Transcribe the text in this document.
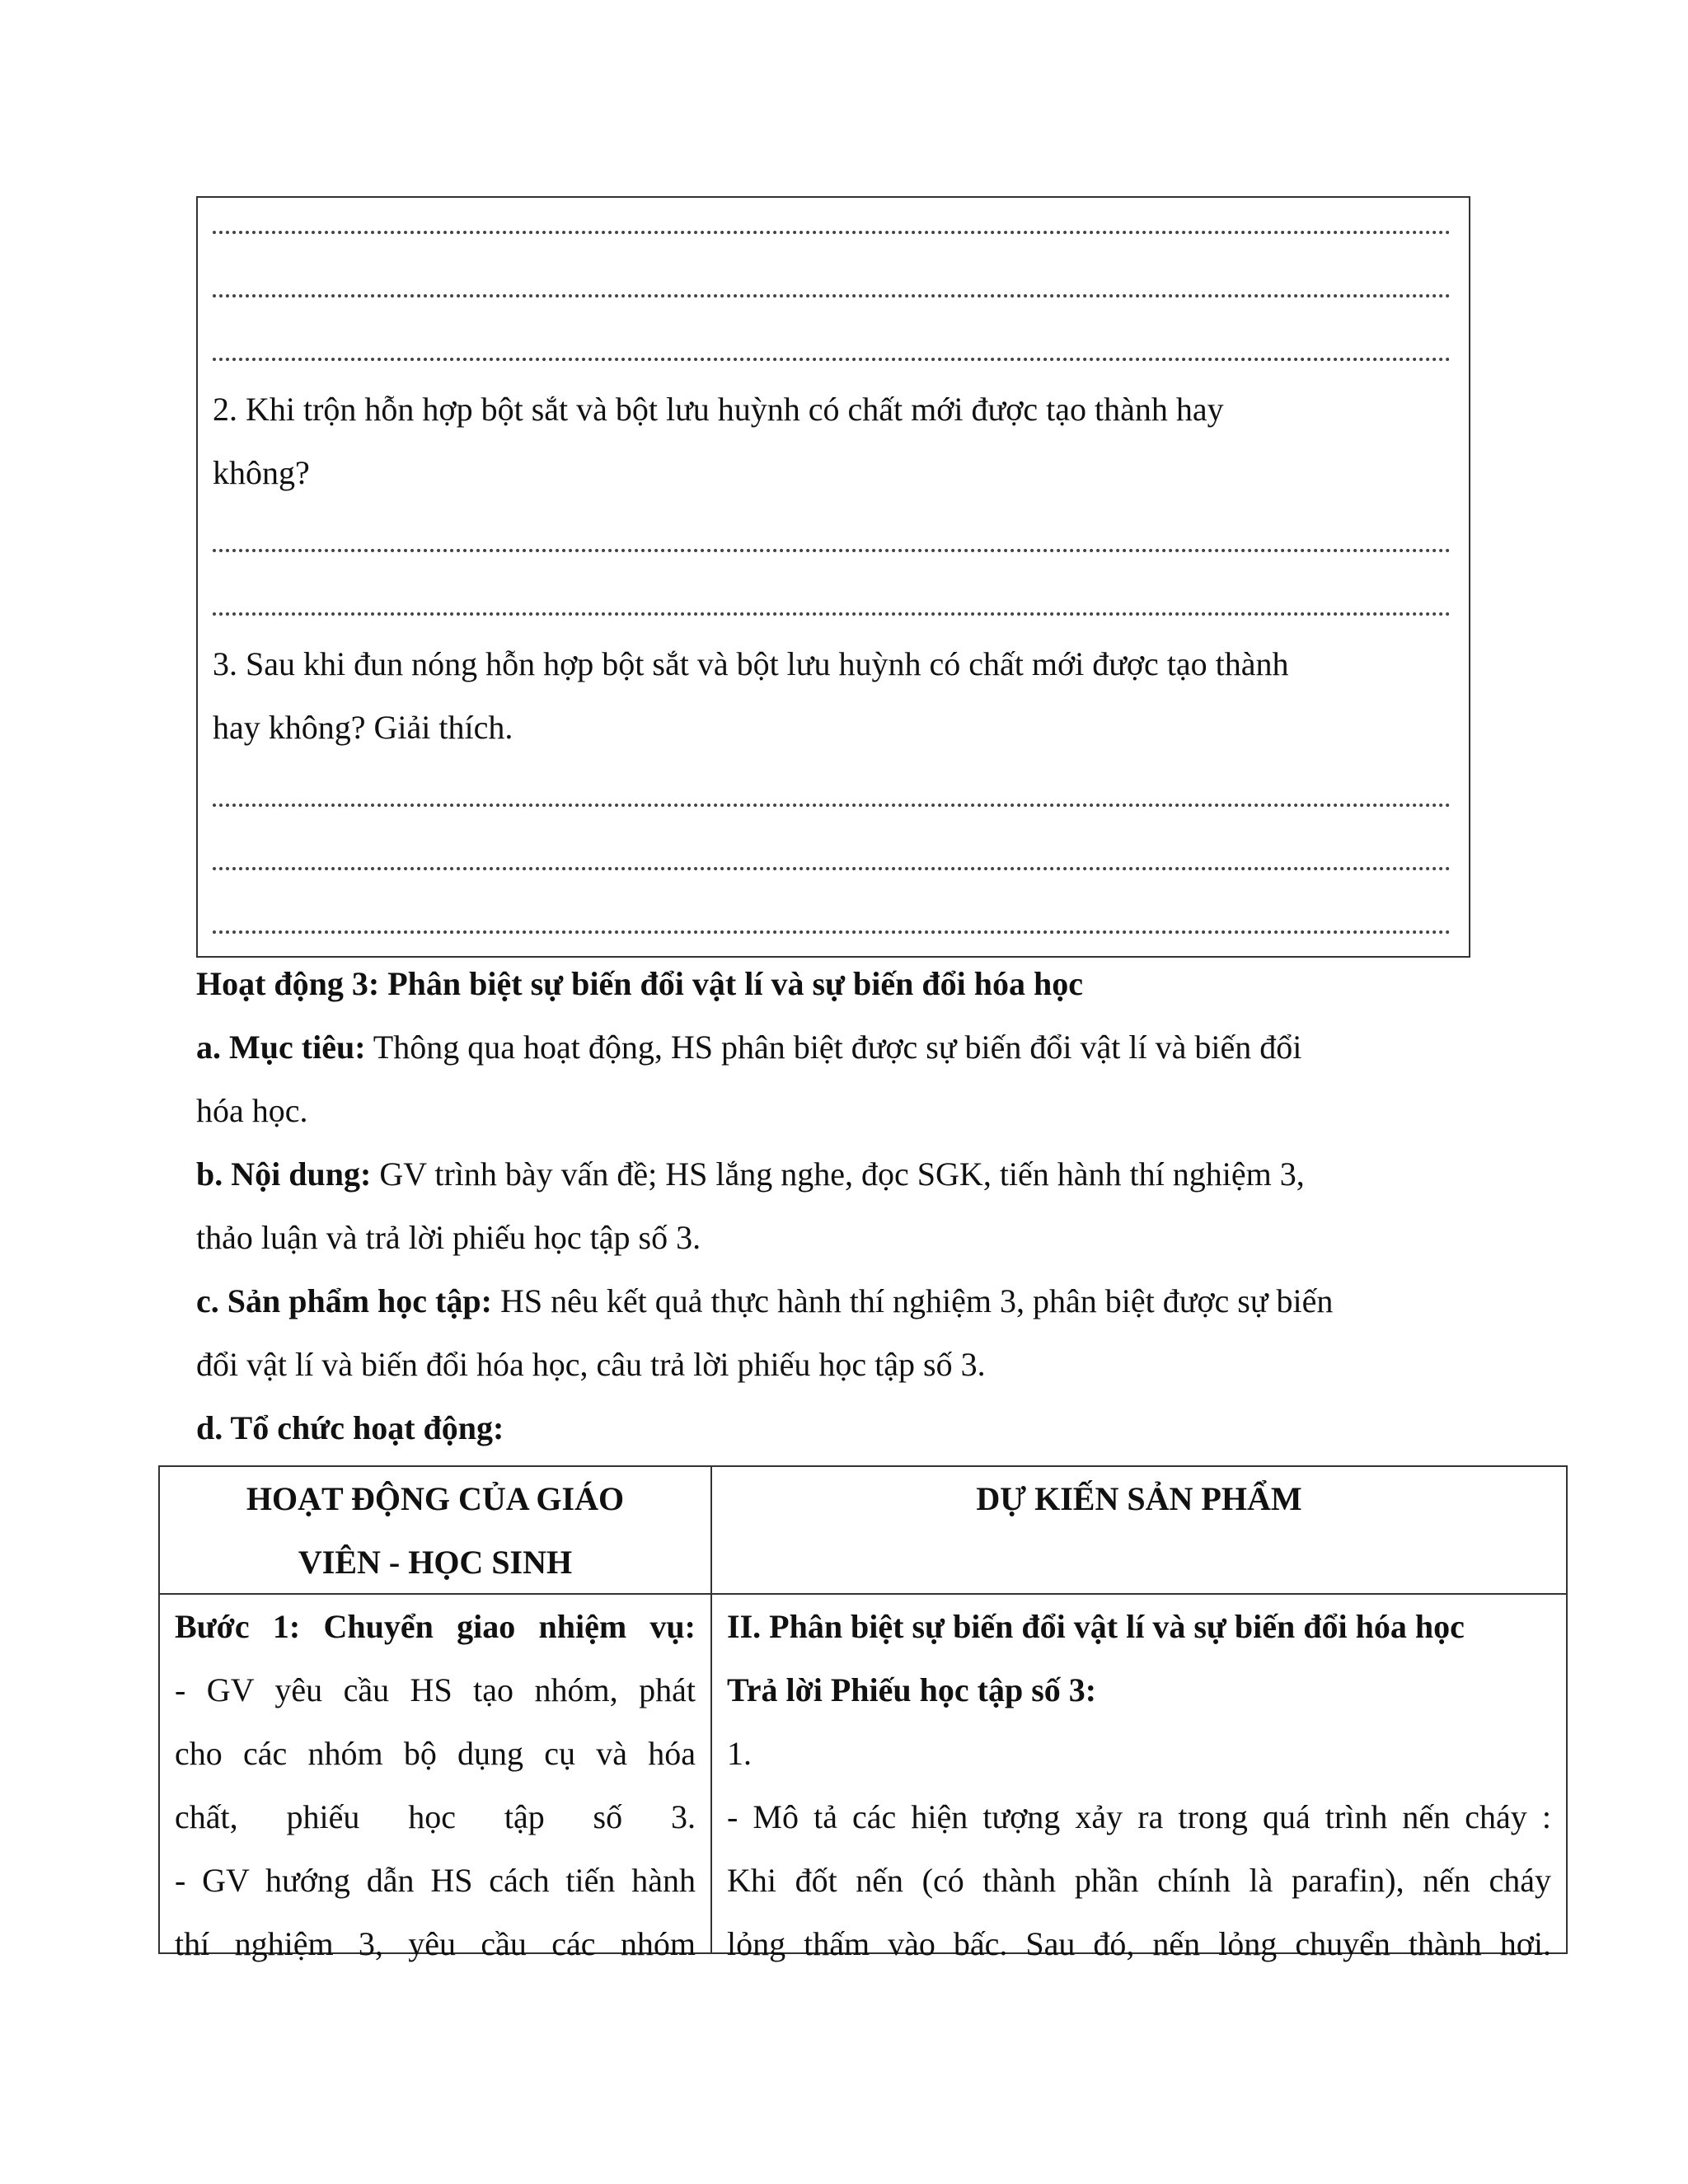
2. Khi trộn hỗn hợp bột sắt và bột lưu huỳnh có chất mới được tạo thành hay
không?
3. Sau khi đun nóng hỗn hợp bột sắt và bột lưu huỳnh có chất mới được tạo thành
hay không? Giải thích.
Hoạt động 3: Phân biệt sự biến đổi vật lí và sự biến đổi hóa học
a. Mục tiêu: Thông qua hoạt động, HS phân biệt được sự biến đổi vật lí và biến đổi
hóa học.
b. Nội dung: GV trình bày vấn đề; HS lắng nghe, đọc SGK, tiến hành thí nghiệm 3,
thảo luận và trả lời phiếu học tập số 3.
c. Sản phẩm học tập: HS nêu kết quả thực hành thí nghiệm 3, phân biệt được sự biến
đổi vật lí và biến đổi hóa học, câu trả lời phiếu học tập số 3.
d. Tổ chức hoạt động:
HOẠT ĐỘNG CỦA GIÁO
VIÊN - HỌC SINH
DỰ KIẾN SẢN PHẨM
Bước 1: Chuyển giao nhiệm vụ:
- GV yêu cầu HS tạo nhóm, phát
cho các nhóm bộ dụng cụ và hóa
chất, phiếu học tập số 3.
- GV hướng dẫn HS cách tiến hành
thí nghiệm 3, yêu cầu các nhóm
II. Phân biệt sự biến đổi vật lí và sự biến đổi hóa học
Trả lời Phiếu học tập số 3:
1.
- Mô tả các hiện tượng xảy ra trong quá trình nến cháy :
Khi đốt nến (có thành phần chính là parafin), nến cháy
lỏng thấm vào bấc. Sau đó, nến lỏng chuyển thành hơi.
